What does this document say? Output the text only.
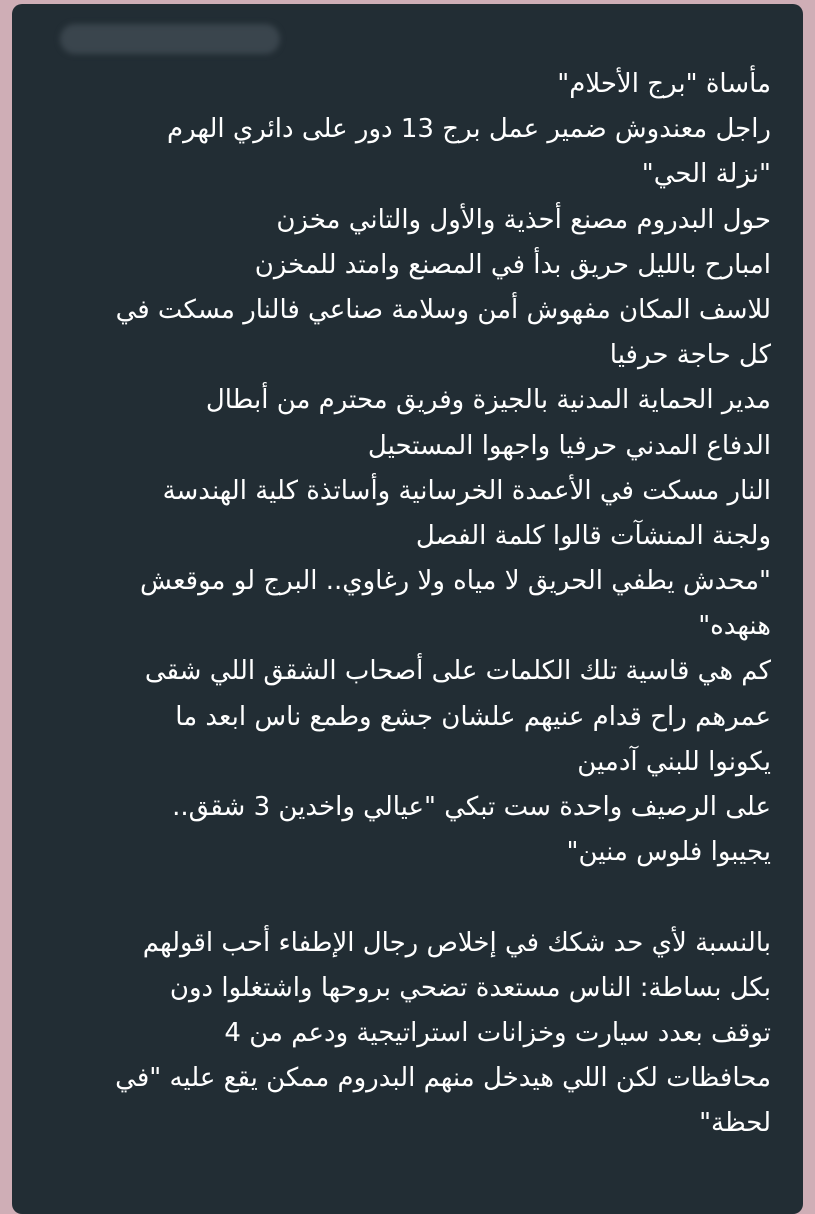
مأساة "برج الأحلام"
راجل معندوش ضمير عمل برج 13 دور على دائري الهرم
"نزلة الحي"
حول البدروم مصنع أحذية والأول والتاني مخزن
امبارح بالليل حريق بدأ في المصنع وامتد للمخزن
للاسف المكان مفهوش أمن وسلامة صناعي فالنار مسكت في
كل حاجة حرفيا
مدير الحماية المدنية بالجيزة وفريق محترم من أبطال
الدفاع المدني حرفيا واجهوا المستحيل
النار مسكت في الأعمدة الخرسانية وأساتذة كلية الهندسة
ولجنة المنشآت قالوا كلمة الفصل
"محدش يطفي الحريق لا مياه ولا رغاوي.. البرج لو موقعش
هنهده"
كم هي قاسية تلك الكلمات على أصحاب الشقق اللي شقى
عمرهم راح قدام عنيهم علشان جشع وطمع ناس ابعد ما
يكونوا للبني آدمين
على الرصيف واحدة ست تبكي "عيالي واخدين 3 شقق..
يجيبوا فلوس منين"
بالنسبة لأي حد شكك في إخلاص رجال الإطفاء أحب اقولهم
بكل بساطة: الناس مستعدة تضحي بروحها واشتغلوا دون
توقف بعدد سيارت وخزانات استراتيجية ودعم من 4
محافظات لكن اللي هيدخل منهم البدروم ممكن يقع عليه "في
لحظة"
